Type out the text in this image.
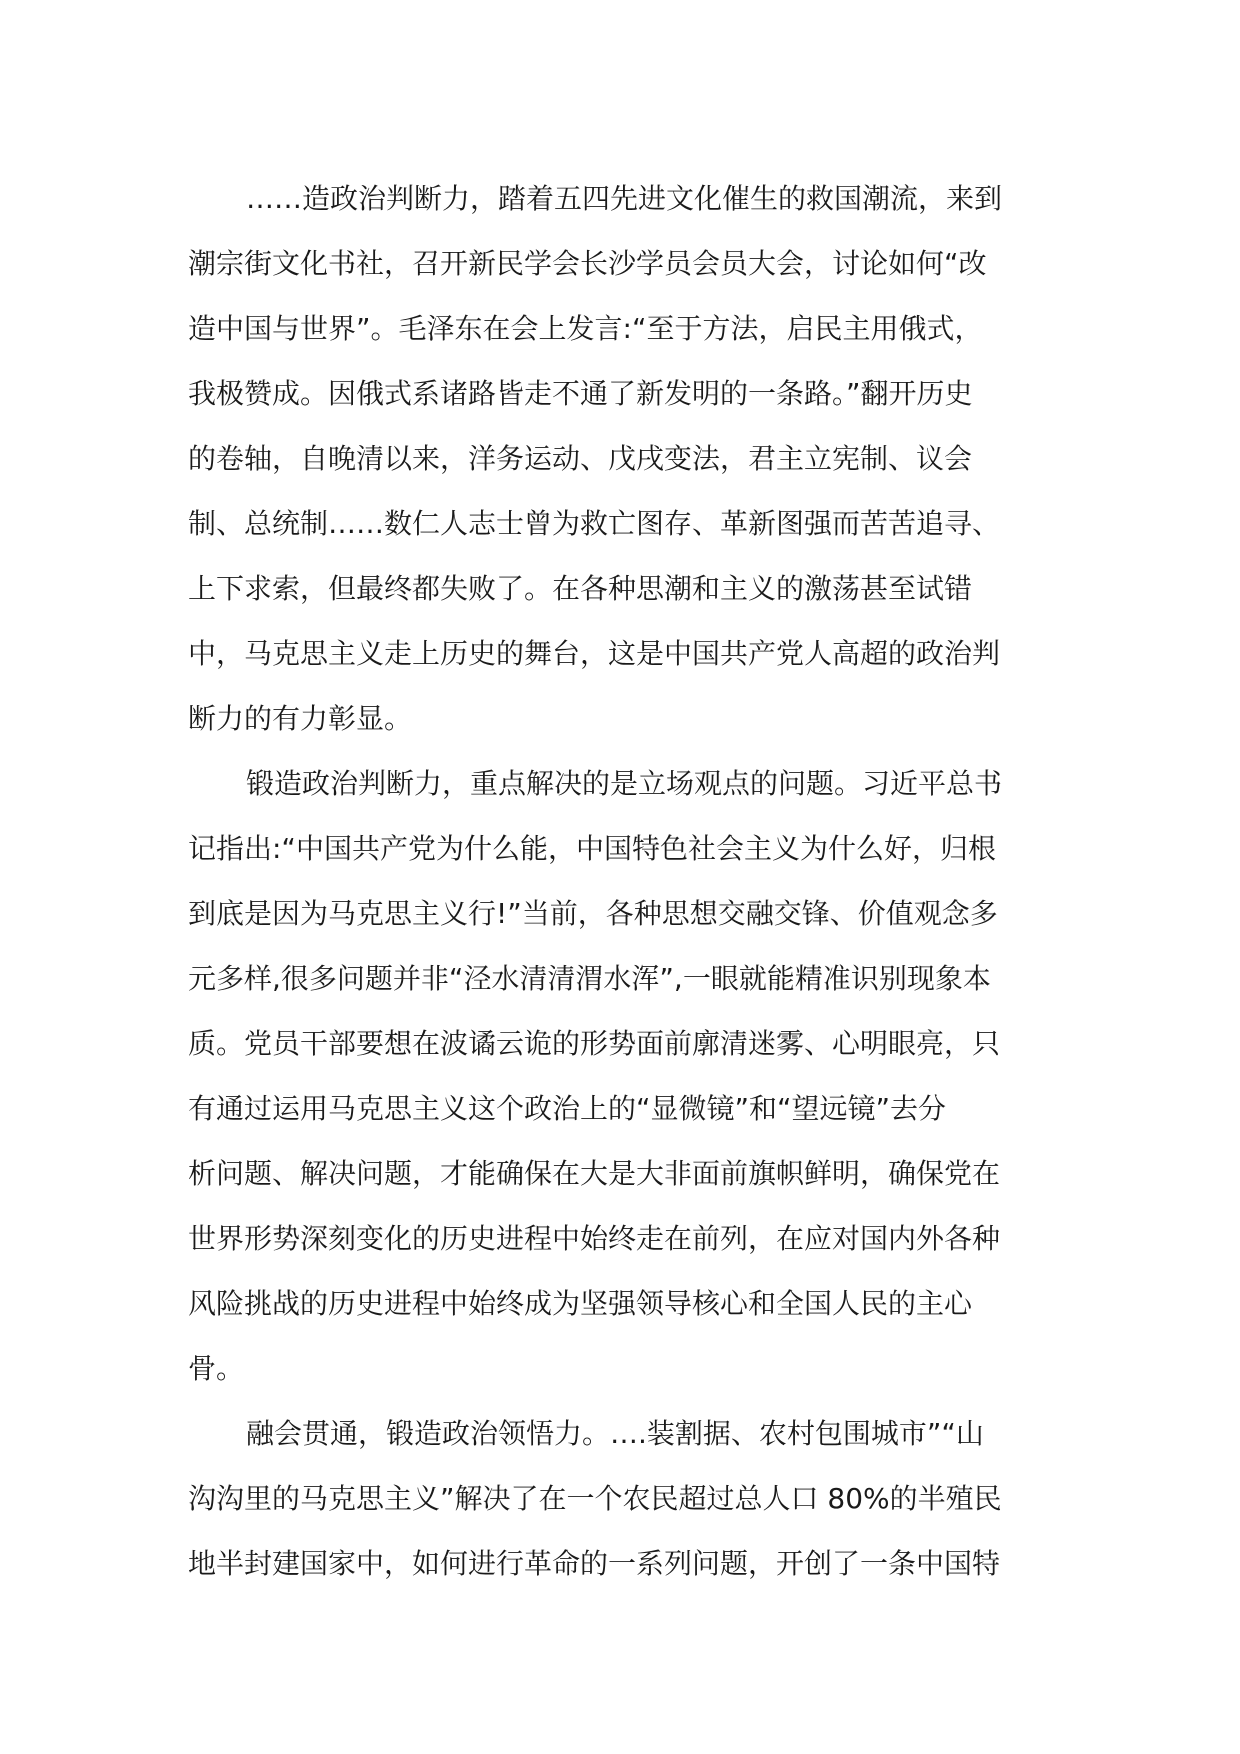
……造政治判断力，踏着五四先进文化催生的救国潮流，来到
潮宗街文化书社，召开新民学会长沙学员会员大会，讨论如何“改
造中国与世界”。毛泽东在会上发言:“至于方法，启民主用俄式，
我极赞成。因俄式系诸路皆走不通了新发明的一条路。”翻开历史
的卷轴，自晚清以来，洋务运动、戊戌变法，君主立宪制、议会
制、总统制……数仁人志士曾为救亡图存、革新图强而苦苦追寻、
上下求索，但最终都失败了。在各种思潮和主义的激荡甚至试错
中，马克思主义走上历史的舞台，这是中国共产党人高超的政治判
断力的有力彰显。
锻造政治判断力，重点解决的是立场观点的问题。习近平总书
记指出:“中国共产党为什么能，中国特色社会主义为什么好，归根
到底是因为马克思主义行!”当前，各种思想交融交锋、价值观念多
元多样,很多问题并非“泾水清清渭水浑”,一眼就能精准识别现象本
质。党员干部要想在波谲云诡的形势面前廓清迷雾、心明眼亮，只
有通过运用马克思主义这个政治上的“显微镜”和“望远镜”去分
析问题、解决问题，才能确保在大是大非面前旗帜鲜明，确保党在
世界形势深刻变化的历史进程中始终走在前列，在应对国内外各种
风险挑战的历史进程中始终成为坚强领导核心和全国人民的主心
骨。
融会贯通，锻造政治领悟力。….装割据、农村包围城市”“山
沟沟里的马克思主义”解决了在一个农民超过总人口 80%的半殖民
地半封建国家中，如何进行革命的一系列问题，开创了一条中国特
